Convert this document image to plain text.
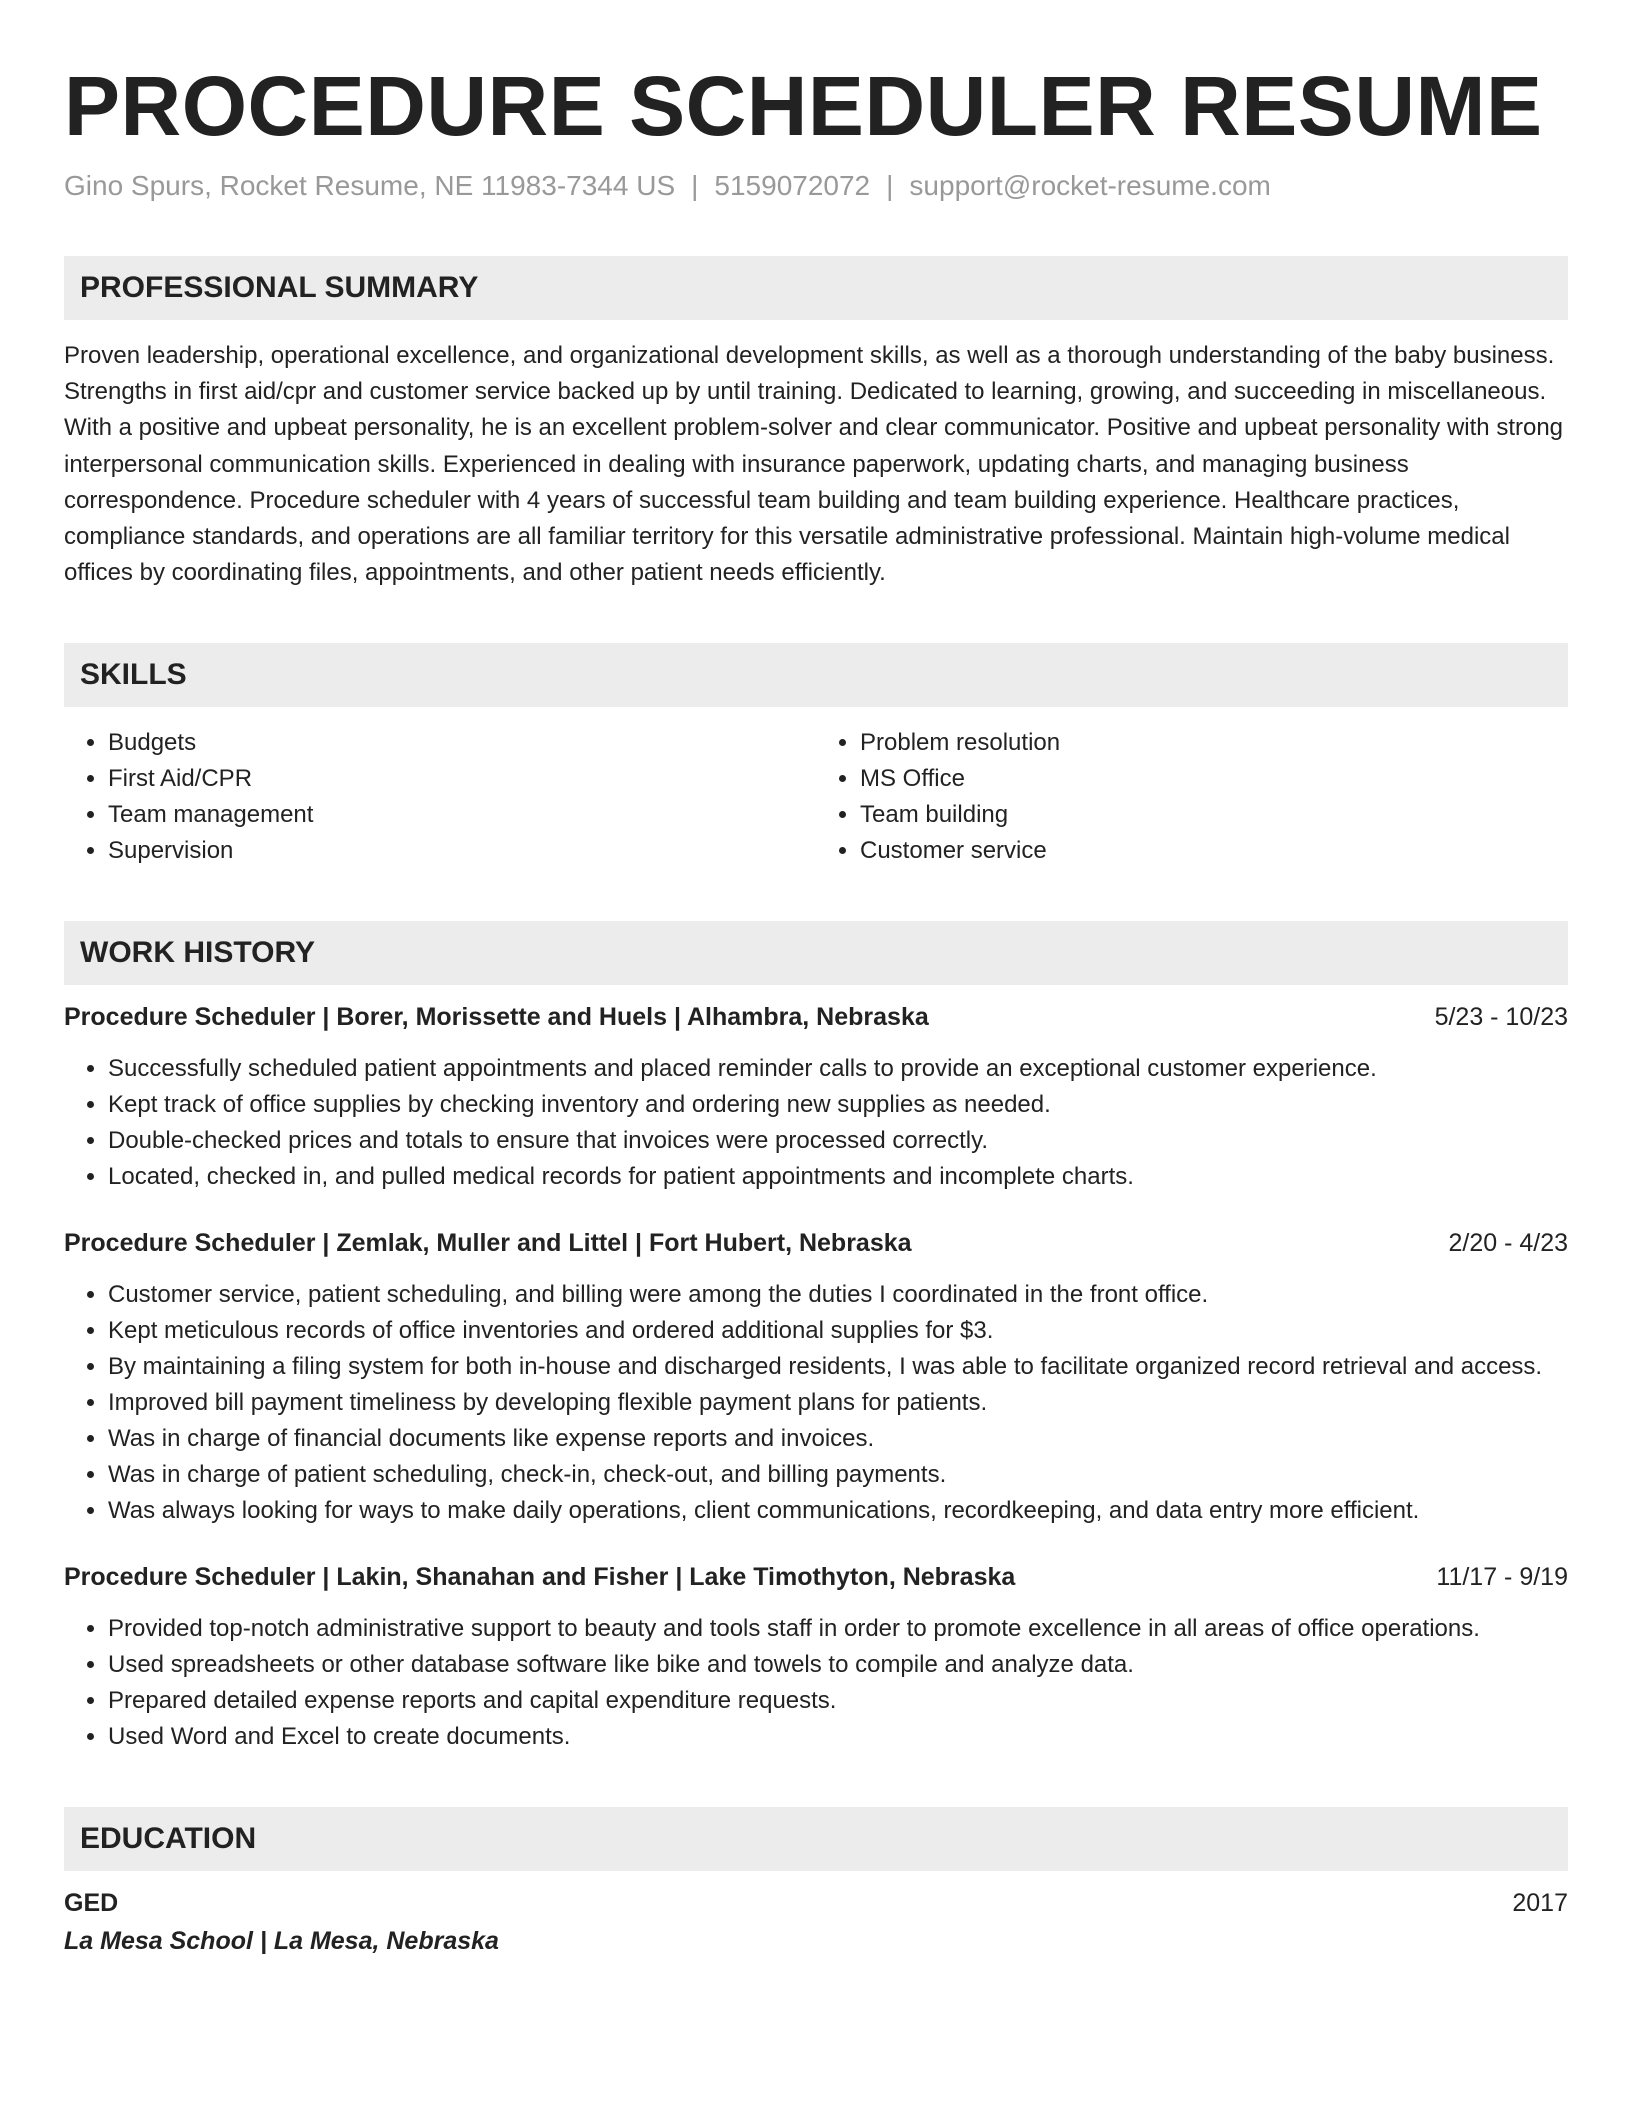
PROCEDURE SCHEDULER RESUME
Gino Spurs, Rocket Resume, NE 11983-7344 US | 5159072072 | support@rocket-resume.com
PROFESSIONAL SUMMARY
Proven leadership, operational excellence, and organizational development skills, as well as a thorough understanding of the baby business. Strengths in first aid/cpr and customer service backed up by until training. Dedicated to learning, growing, and succeeding in miscellaneous. With a positive and upbeat personality, he is an excellent problem-solver and clear communicator. Positive and upbeat personality with strong interpersonal communication skills. Experienced in dealing with insurance paperwork, updating charts, and managing business correspondence. Procedure scheduler with 4 years of successful team building and team building experience. Healthcare practices, compliance standards, and operations are all familiar territory for this versatile administrative professional. Maintain high-volume medical offices by coordinating files, appointments, and other patient needs efficiently.
SKILLS
• Budgets
• First Aid/CPR
• Team management
• Supervision
• Problem resolution
• MS Office
• Team building
• Customer service
WORK HISTORY
Procedure Scheduler | Borer, Morissette and Huels | Alhambra, Nebraska	5/23 - 10/23
• Successfully scheduled patient appointments and placed reminder calls to provide an exceptional customer experience.
• Kept track of office supplies by checking inventory and ordering new supplies as needed.
• Double-checked prices and totals to ensure that invoices were processed correctly.
• Located, checked in, and pulled medical records for patient appointments and incomplete charts.
Procedure Scheduler | Zemlak, Muller and Littel | Fort Hubert, Nebraska	2/20 - 4/23
• Customer service, patient scheduling, and billing were among the duties I coordinated in the front office.
• Kept meticulous records of office inventories and ordered additional supplies for $3.
• By maintaining a filing system for both in-house and discharged residents, I was able to facilitate organized record retrieval and access.
• Improved bill payment timeliness by developing flexible payment plans for patients.
• Was in charge of financial documents like expense reports and invoices.
• Was in charge of patient scheduling, check-in, check-out, and billing payments.
• Was always looking for ways to make daily operations, client communications, recordkeeping, and data entry more efficient.
Procedure Scheduler | Lakin, Shanahan and Fisher | Lake Timothyton, Nebraska	11/17 - 9/19
• Provided top-notch administrative support to beauty and tools staff in order to promote excellence in all areas of office operations.
• Used spreadsheets or other database software like bike and towels to compile and analyze data.
• Prepared detailed expense reports and capital expenditure requests.
• Used Word and Excel to create documents.
EDUCATION
GED	2017
La Mesa School | La Mesa, Nebraska
